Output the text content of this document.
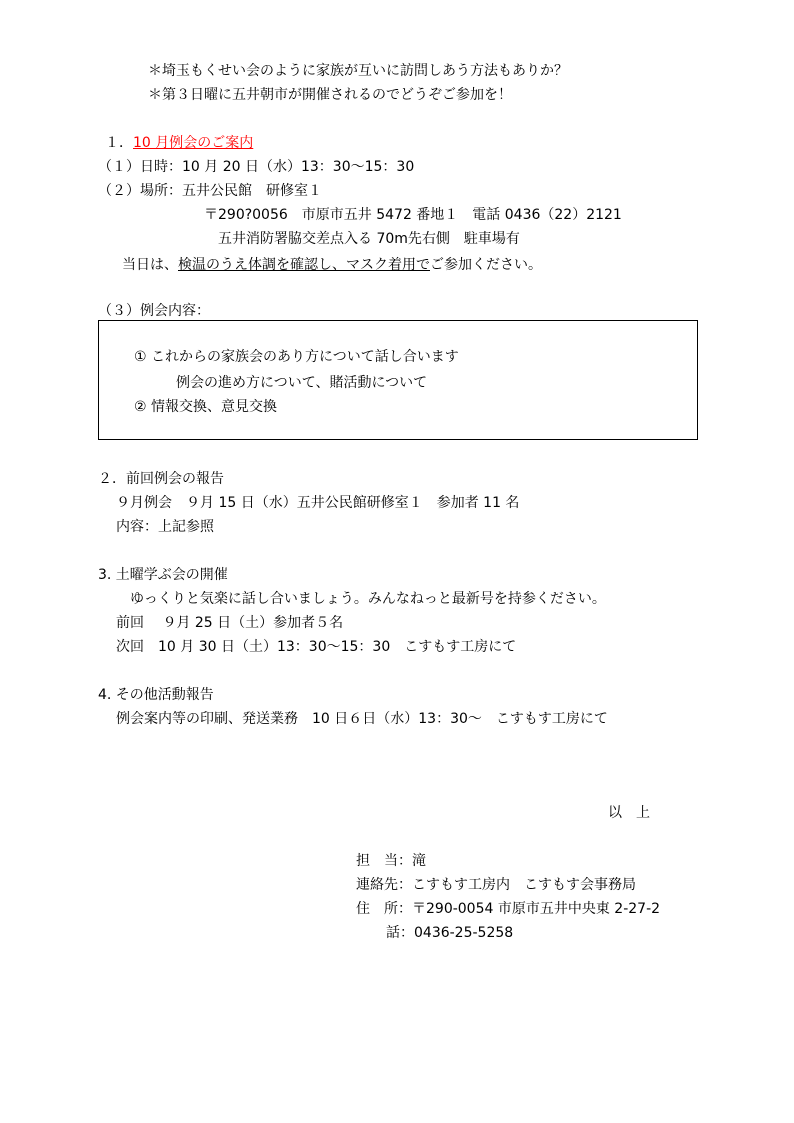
＊埼玉もくせい会のように家族が互いに訪問しあう方法もありか？
＊第３日曜に五井朝市が開催されるのでどうぞご参加を！
１．10 月例会のご案内
（１）日時：10 月 20 日（水）13：30～15：30
（２）場所：五井公民館　研修室１
〒290?0056　市原市五井 5472 番地１　電話 0436（22）2121
五井消防署脇交差点入る 70m先右側　駐車場有
当日は、検温のうえ体調を確認し、マスク着用でご参加ください。
（３）例会内容：
① これからの家族会のあり方について話し合います
例会の進め方について、賭活動について
② 情報交換、意見交換
２．前回例会の報告
９月例会　９月 15 日（水）五井公民館研修室１　参加者 11 名
内容：上記参照
3. 土曜学ぶ会の開催
ゆっくりと気楽に話し合いましょう。みんなねっと最新号を持参ください。
前回　 ９月 25 日（土）参加者５名
次回　10 月 30 日（土）13：30～15：30　こすもす工房にて
4. その他活動報告
例会案内等の印刷、発送業務　10 日６日（水）13：30～　こすもす工房にて
以　上
担　当：滝
連絡先：こすもす工房内　こすもす会事務局
住　所：〒290-0054 市原市五井中央東 2-27-2
話：0436-25-5258
